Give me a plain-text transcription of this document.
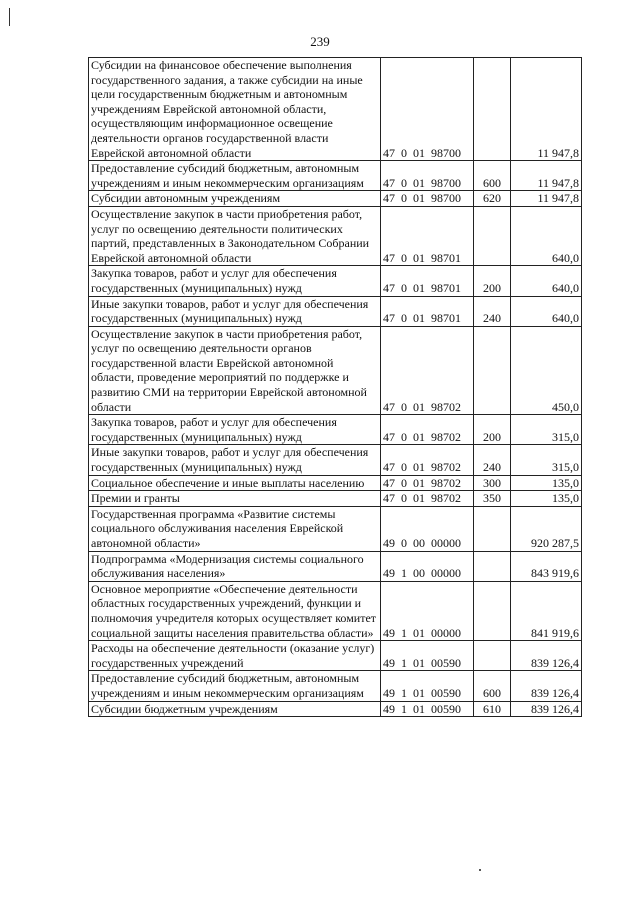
239
Субсидии на финансовое обеспечение выполнения государственного задания, а также субсидии на иные цели государственным бюджетным и автономным учреждениям Еврейской автономной области, осуществляющим информационное освещение деятельности органов государственной власти Еврейской автономной области	47 0 01 98700		11 947,8
Предоставление субсидий бюджетным, автономным учреждениям и иным некоммерческим организациям	47 0 01 98700	600	11 947,8
Субсидии автономным учреждениям	47 0 01 98700	620	11 947,8
Осуществление закупок в части приобретения работ, услуг по освещению деятельности политических партий, представленных в Законодательном Собрании Еврейской автономной области	47 0 01 98701		640,0
Закупка товаров, работ и услуг для обеспечения государственных (муниципальных) нужд	47 0 01 98701	200	640,0
Иные закупки товаров, работ и услуг для обеспечения государственных (муниципальных) нужд	47 0 01 98701	240	640,0
Осуществление закупок в части приобретения работ, услуг по освещению деятельности органов государственной власти Еврейской автономной области, проведение мероприятий по поддержке и развитию СМИ на территории Еврейской автономной области	47 0 01 98702		450,0
Закупка товаров, работ и услуг для обеспечения государственных (муниципальных) нужд	47 0 01 98702	200	315,0
Иные закупки товаров, работ и услуг для обеспечения государственных (муниципальных) нужд	47 0 01 98702	240	315,0
Социальное обеспечение и иные выплаты населению	47 0 01 98702	300	135,0
Премии и гранты	47 0 01 98702	350	135,0
Государственная программа «Развитие системы социального обслуживания населения Еврейской автономной области»	49 0 00 00000		920 287,5
Подпрограмма «Модернизация системы социального обслуживания населения»	49 1 00 00000		843 919,6
Основное мероприятие «Обеспечение деятельности областных государственных учреждений, функции и полномочия учредителя которых осуществляет комитет социальной защиты населения правительства области»	49 1 01 00000		841 919,6
Расходы на обеспечение деятельности (оказание услуг) государственных учреждений	49 1 01 00590		839 126,4
Предоставление субсидий бюджетным, автономным учреждениям и иным некоммерческим организациям	49 1 01 00590	600	839 126,4
Субсидии бюджетным учреждениям	49 1 01 00590	610	839 126,4
